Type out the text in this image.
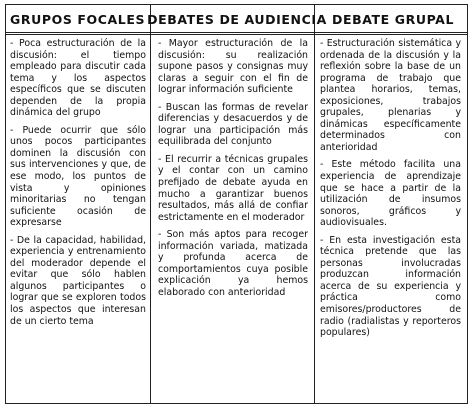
GRUPOS FOCALES DEBATES DE AUDIENCIA DEBATE GRUPAL

- Poca estructuración de la discusión: el tiempo empleado para discutir cada tema y los aspectos específicos que se discuten dependen de la propia dinámica del grupo

- Puede ocurrir que sólo unos pocos participantes dominen la discusión con sus intervenciones y que, de ese modo, los puntos de vista y opiniones minoritarias no tengan suficiente ocasión de expresarse

- De la capacidad, habilidad, experiencia y entrenamiento del moderador depende el evitar que sólo hablen algunos participantes o lograr que se exploren todos los aspectos que interesan de un cierto tema

- Mayor estructuración de la discusión: su realización supone pasos y consignas muy claras a seguir con el fin de lograr información suficiente

- Buscan las formas de revelar diferencias y desacuerdos y de lograr una participación más equilibrada del conjunto

- El recurrir a técnicas grupales y el contar con un camino prefijado de debate ayuda en mucho a garantizar buenos resultados, más allá de confiar estrictamente en el moderador

- Son más aptos para recoger información variada, matizada y profunda acerca de comportamientos cuya posible explicación ya hemos elaborado con anterioridad

- Estructuración sistemática y ordenada de la discusión y la reflexión sobre la base de un programa de trabajo que plantea horarios, temas, exposiciones, trabajos grupales, plenarias y dinámicas específicamente determinados con anterioridad

- Este método facilita una experiencia de aprendizaje que se hace a partir de la utilización de insumos sonoros, gráficos y audiovisuales.

- En esta investigación esta técnica pretende que las personas involucradas produzcan información acerca de su experiencia y práctica como emisores/productores de radio (radialistas y reporteros populares)
